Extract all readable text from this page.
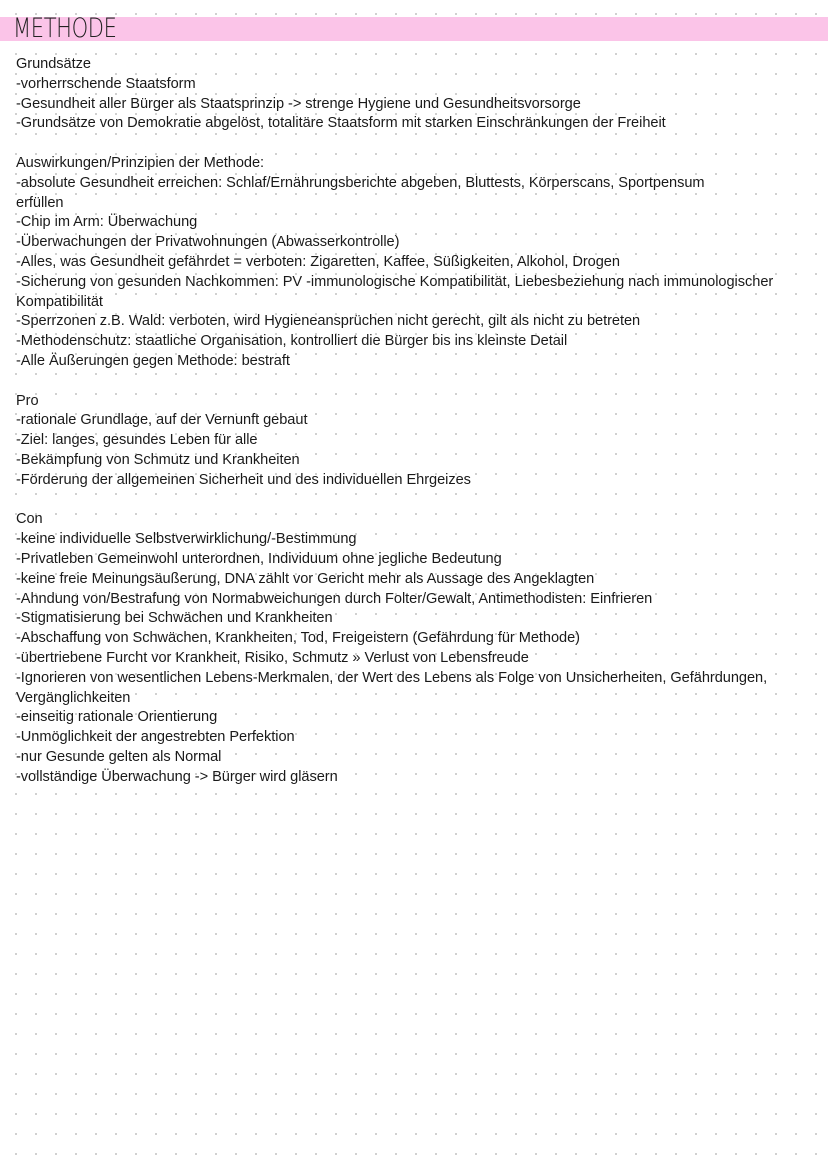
METHODE
Grundsätze
-vorherrschende Staatsform
-Gesundheit aller Bürger als Staatsprinzip -> strenge Hygiene und Gesundheitsvorsorge
-Grundsätze von Demokratie abgelöst, totalitäre Staatsform mit starken Einschränkungen der Freiheit
Auswirkungen/Prinzipien der Methode:
-absolute Gesundheit erreichen: Schlaf/Ernährungsberichte abgeben, Bluttests, Körperscans, Sportpensum erfüllen
-Chip im Arm: Überwachung
-Überwachungen der Privatwohnungen (Abwasserkontrolle)
-Alles, was Gesundheit gefährdet = verboten: Zigaretten, Kaffee, Süßigkeiten, Alkohol, Drogen
-Sicherung von gesunden Nachkommen: PV -immunologische Kompatibilität, Liebesbeziehung nach immunologischer Kompatibilität
-Sperrzonen z.B. Wald: verboten, wird Hygieneansprüchen nicht gerecht, gilt als nicht zu betreten
-Methodenschutz: staatliche Organisation, kontrolliert die Bürger bis ins kleinste Detail
-Alle Äußerungen gegen Methode: bestraft
Pro
-rationale Grundlage, auf der Vernunft gebaut
-Ziel: langes, gesundes Leben für alle
-Bekämpfung von Schmutz und Krankheiten
-Förderung der allgemeinen Sicherheit und des individuellen Ehrgeizes
Con
-keine individuelle Selbstverwirklichung/-Bestimmung
-Privatleben Gemeinwohl unterordnen, Individuum ohne jegliche Bedeutung
-keine freie Meinungsäußerung, DNA zählt vor Gericht mehr als Aussage des Angeklagten
-Ahndung von/Bestrafung von Normabweichungen durch Folter/Gewalt, Antimethodisten: Einfrieren
-Stigmatisierung bei Schwächen und Krankheiten
-Abschaffung von Schwächen, Krankheiten, Tod, Freigeistern (Gefährdung für Methode)
-übertriebene Furcht vor Krankheit, Risiko, Schmutz » Verlust von Lebensfreude
-Ignorieren von wesentlichen Lebens-Merkmalen, der Wert des Lebens als Folge von Unsicherheiten, Gefährdungen, Vergänglichkeiten
-einseitig rationale Orientierung
-Unmöglichkeit der angestrebten Perfektion
-nur Gesunde gelten als Normal
-vollständige Überwachung -> Bürger wird gläsern
